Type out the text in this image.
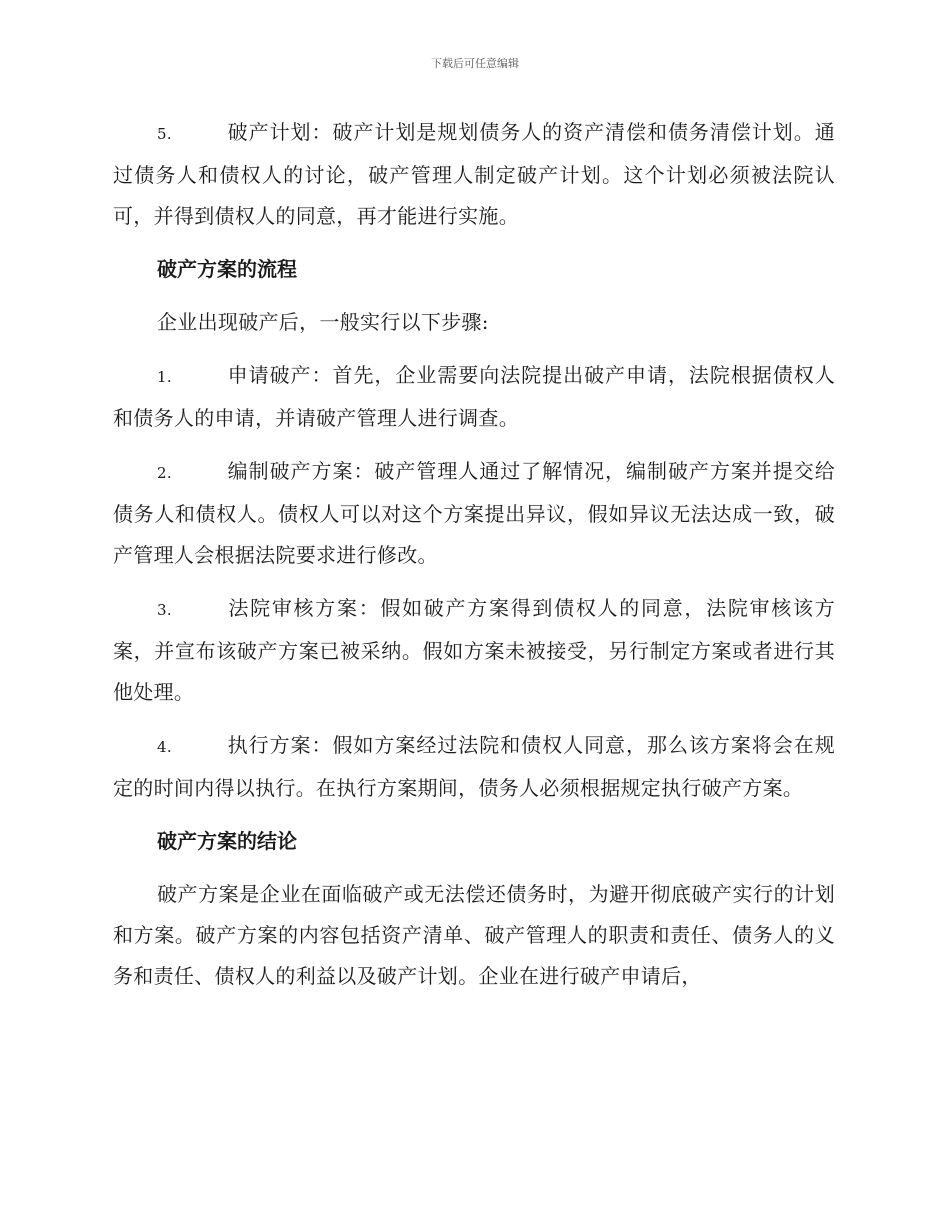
下载后可任意编辑

5.	破产计划：破产计划是规划债务人的资产清偿和债务清偿计划。通过债务人和债权人的讨论，破产管理人制定破产计划。这个计划必须被法院认可，并得到债权人的同意，再才能进行实施。

破产方案的流程

企业出现破产后，一般实行以下步骤:

1.	申请破产：首先，企业需要向法院提出破产申请，法院根据债权人和债务人的申请，并请破产管理人进行调查。

2.	编制破产方案：破产管理人通过了解情况，编制破产方案并提交给债务人和债权人。债权人可以对这个方案提出异议，假如异议无法达成一致，破产管理人会根据法院要求进行修改。

3.	法院审核方案：假如破产方案得到债权人的同意，法院审核该方案，并宣布该破产方案已被采纳。假如方案未被接受，另行制定方案或者进行其他处理。

4.	执行方案：假如方案经过法院和债权人同意，那么该方案将会在规定的时间内得以执行。在执行方案期间，债务人必须根据规定执行破产方案。

破产方案的结论

破产方案是企业在面临破产或无法偿还债务时，为避开彻底破产实行的计划和方案。破产方案的内容包括资产清单、破产管理人的职责和责任、债务人的义务和责任、债权人的利益以及破产计划。企业在进行破产申请后，
